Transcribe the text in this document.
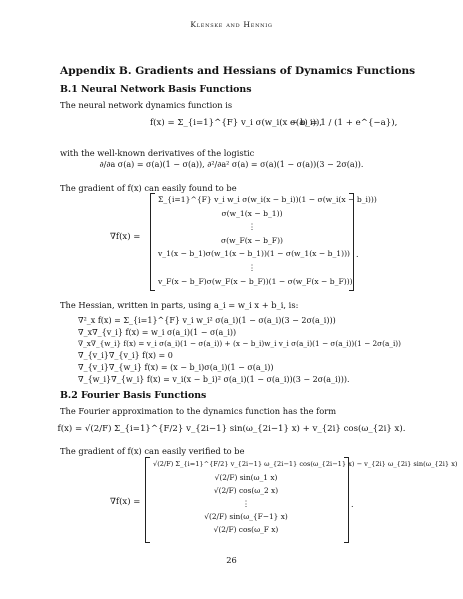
Klenske and Hennig
Appendix B. Gradients and Hessians of Dynamics Functions
B.1 Neural Network Basis Functions
The neural network dynamics function is
f(x) = Σ_{i=1}^{F} v_i σ(w_i(x − b_i)),
σ(a) = 1 / (1 + e^{−a}),
with the well-known derivatives of the logistic
∂/∂a σ(a) = σ(a)(1 − σ(a)), ∂²/∂a² σ(a) = σ(a)(1 − σ(a))(3 − 2σ(a)).
The gradient of f(x) can easily found to be
∇f(x) =
Σ_{i=1}^{F} v_i w_i σ(w_i(x − b_i))(1 − σ(w_i(x − b_i)))
σ(w_1(x − b_1))
⋮
σ(w_F(x − b_F))
v_1(x − b_1)σ(w_1(x − b_1))(1 − σ(w_1(x − b_1)))
⋮
v_F(x − b_F)σ(w_F(x − b_F))(1 − σ(w_F(x − b_F)))
.
The Hessian, written in parts, using a_i = w_i x + b_i, is:
∇²_x f(x) = Σ_{i=1}^{F} v_i w_i² σ(a_i)(1 − σ(a_i)(3 − 2σ(a_i)))
∇_x∇_{v_i} f(x) = w_i σ(a_i)(1 − σ(a_i))
∇_x∇_{w_i} f(x) = v_i σ(a_i)(1 − σ(a_i)) + (x − b_i)w_i v_i σ(a_i)(1 − σ(a_i))(1 − 2σ(a_i))
∇_{v_i}∇_{v_i} f(x) = 0
∇_{v_i}∇_{w_i} f(x) = (x − b_i)σ(a_i)(1 − σ(a_i))
∇_{w_i}∇_{w_i} f(x) = v_i(x − b_i)² σ(a_i)(1 − σ(a_i))(3 − 2σ(a_i))).
B.2 Fourier Basis Functions
The Fourier approximation to the dynamics function has the form
f(x) = √(2/F) Σ_{i=1}^{F/2} v_{2i−1} sin(ω_{2i−1} x) + v_{2i} cos(ω_{2i} x).
The gradient of f(x) can easily verified to be
∇f(x) =
√(2/F) Σ_{i=1}^{F/2} v_{2i−1} ω_{2i−1} cos(ω_{2i−1} x) − v_{2i} ω_{2i} sin(ω_{2i} x)
√(2/F) sin(ω_1 x)
√(2/F) cos(ω_2 x)
⋮
√(2/F) sin(ω_{F−1} x)
√(2/F) cos(ω_F x)
.
26
